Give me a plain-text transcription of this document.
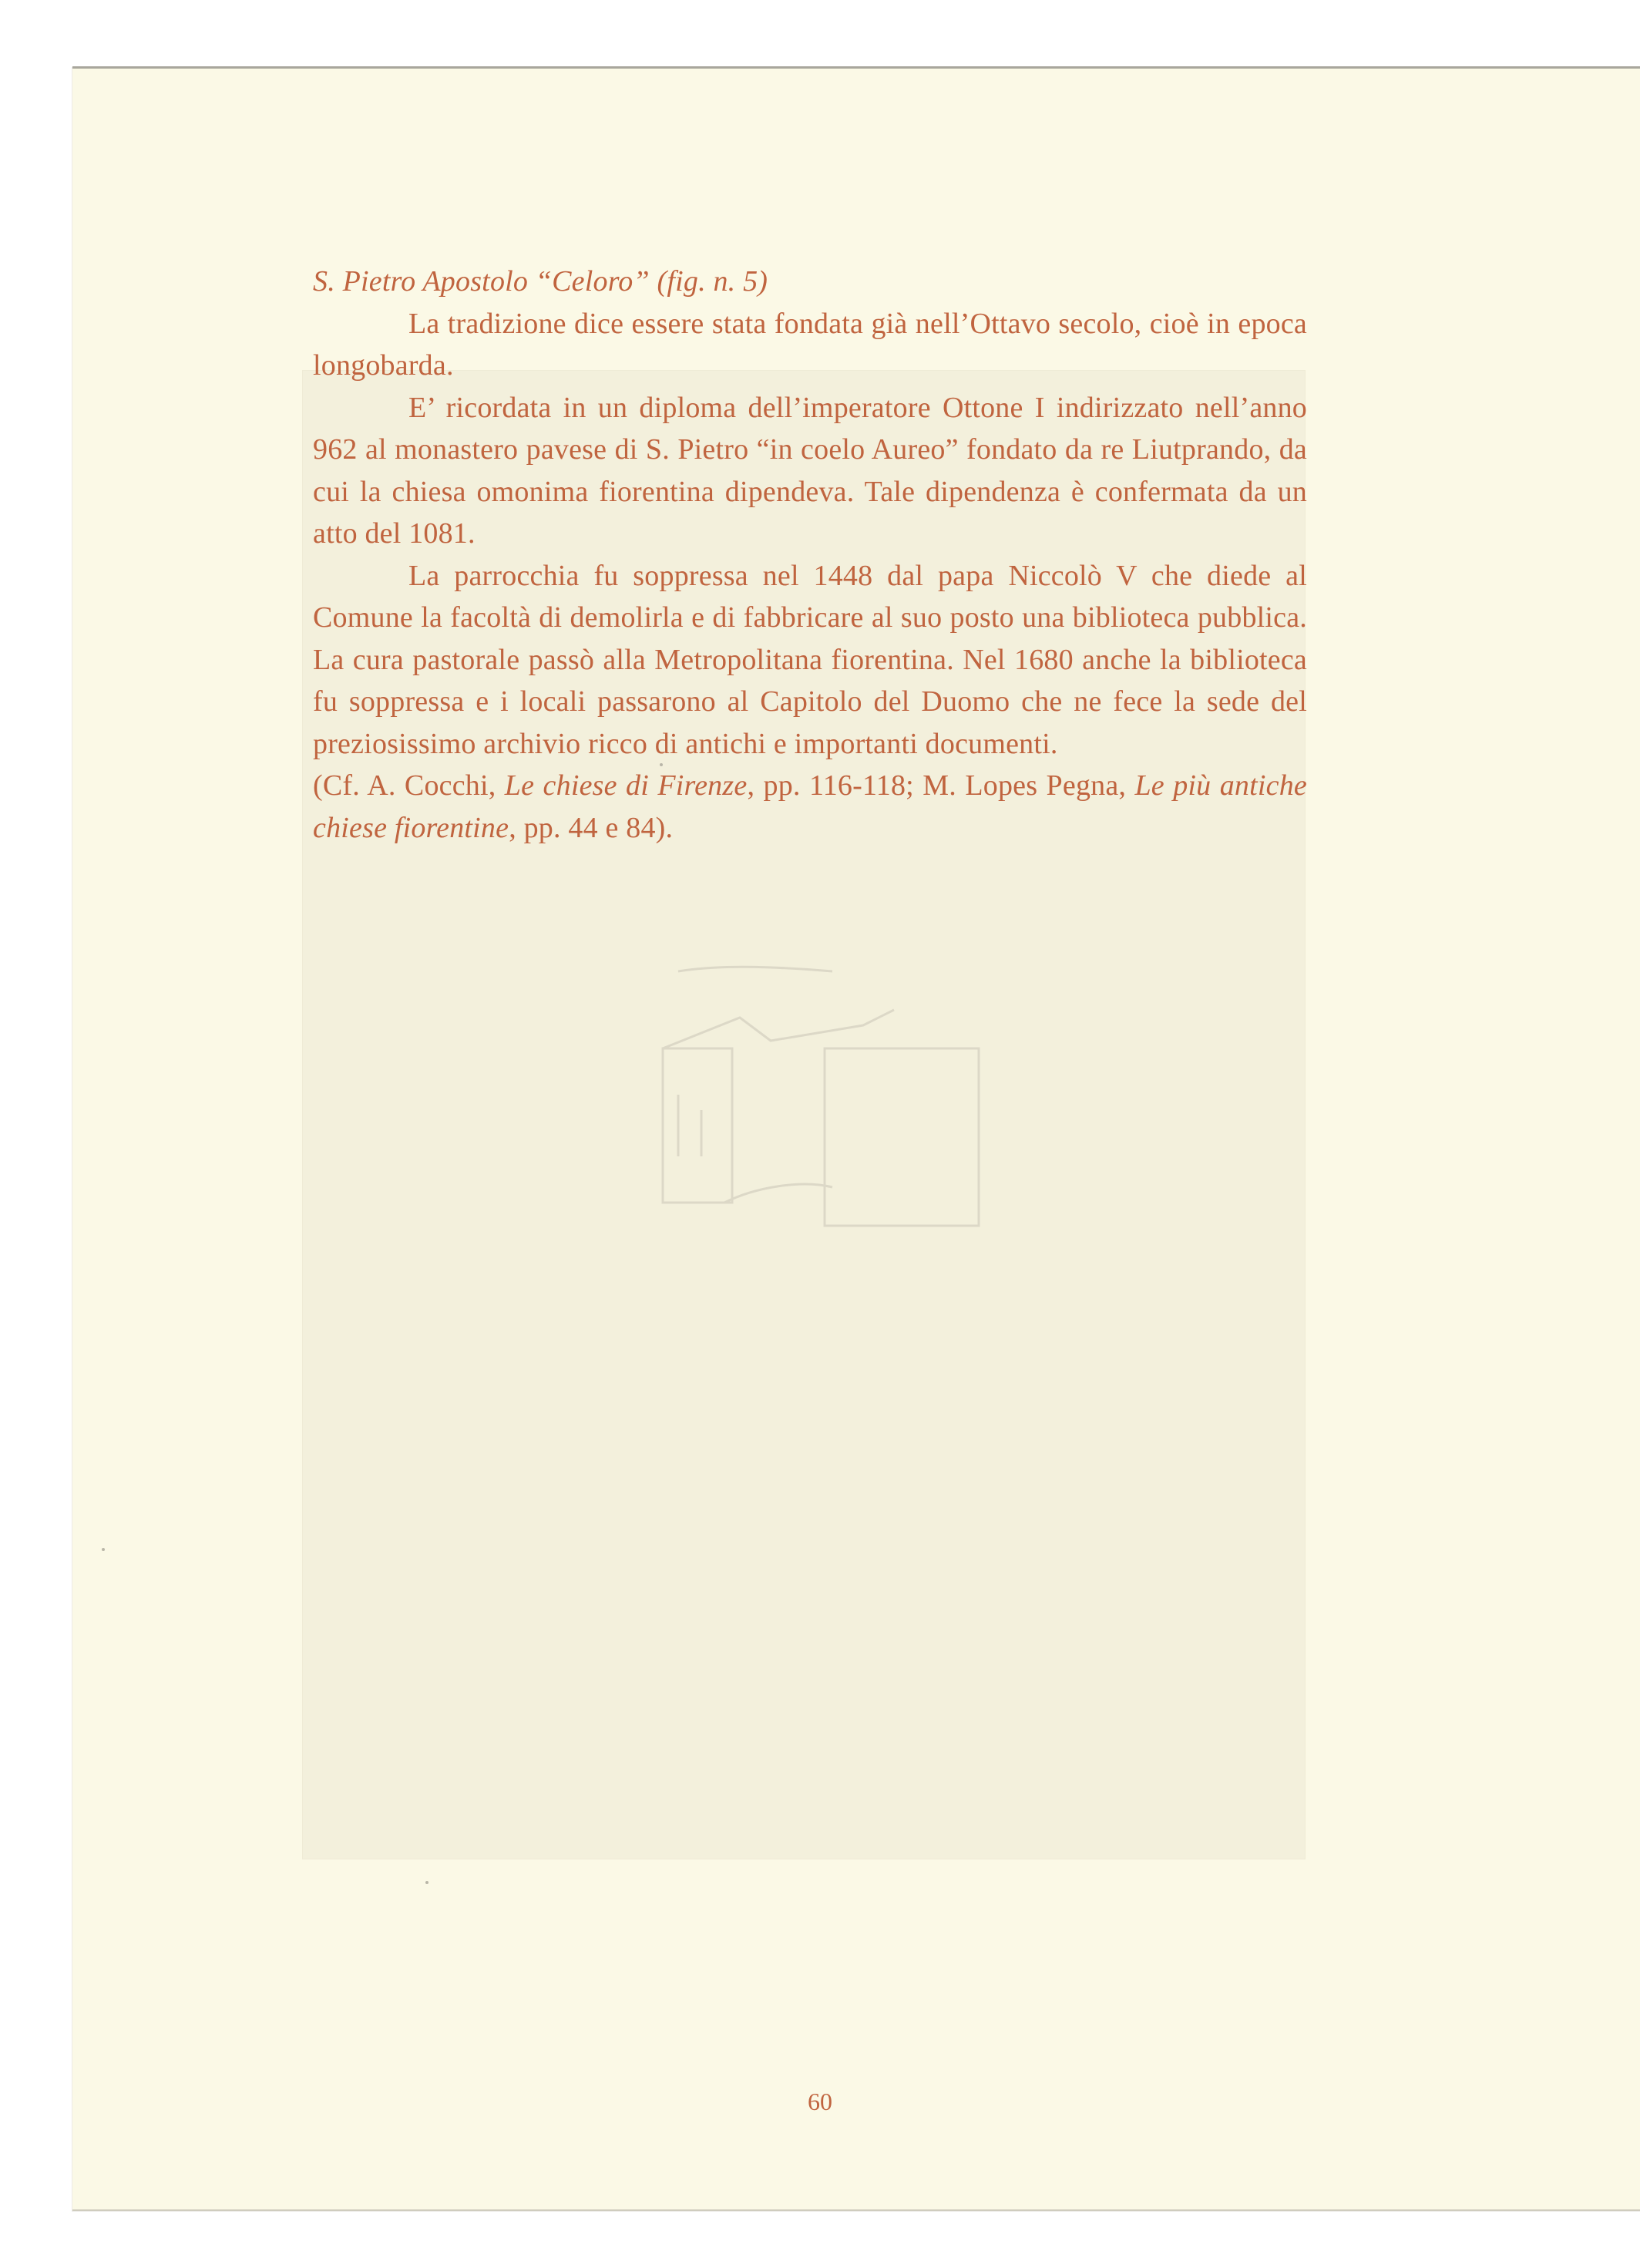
S. Pietro Apostolo “Celoro” (fig. n. 5)

La tradizione dice essere stata fondata già nell’Ottavo secolo, cioè in epoca longobarda.

E’ ricordata in un diploma dell’imperatore Ottone I indirizzato nell’anno 962 al monastero pavese di S. Pietro “in coelo Aureo” fondato da re Liutprando, da cui la chiesa omonima fiorentina dipendeva. Tale dipendenza è confermata da un atto del 1081.

La parrocchia fu soppressa nel 1448 dal papa Niccolò V che diede al Comune la facoltà di demolirla e di fabbricare al suo posto una biblioteca pubblica. La cura pastorale passò alla Metropolitana fiorentina. Nel 1680 anche la biblioteca fu soppressa e i locali passarono al Capitolo del Duomo che ne fece la sede del preziosissimo archivio ricco di antichi e importanti documenti.

(Cf. A. Cocchi, Le chiese di Firenze, pp. 116-118; M. Lopes Pegna, Le più antiche chiese fiorentine, pp. 44 e 84).

60
